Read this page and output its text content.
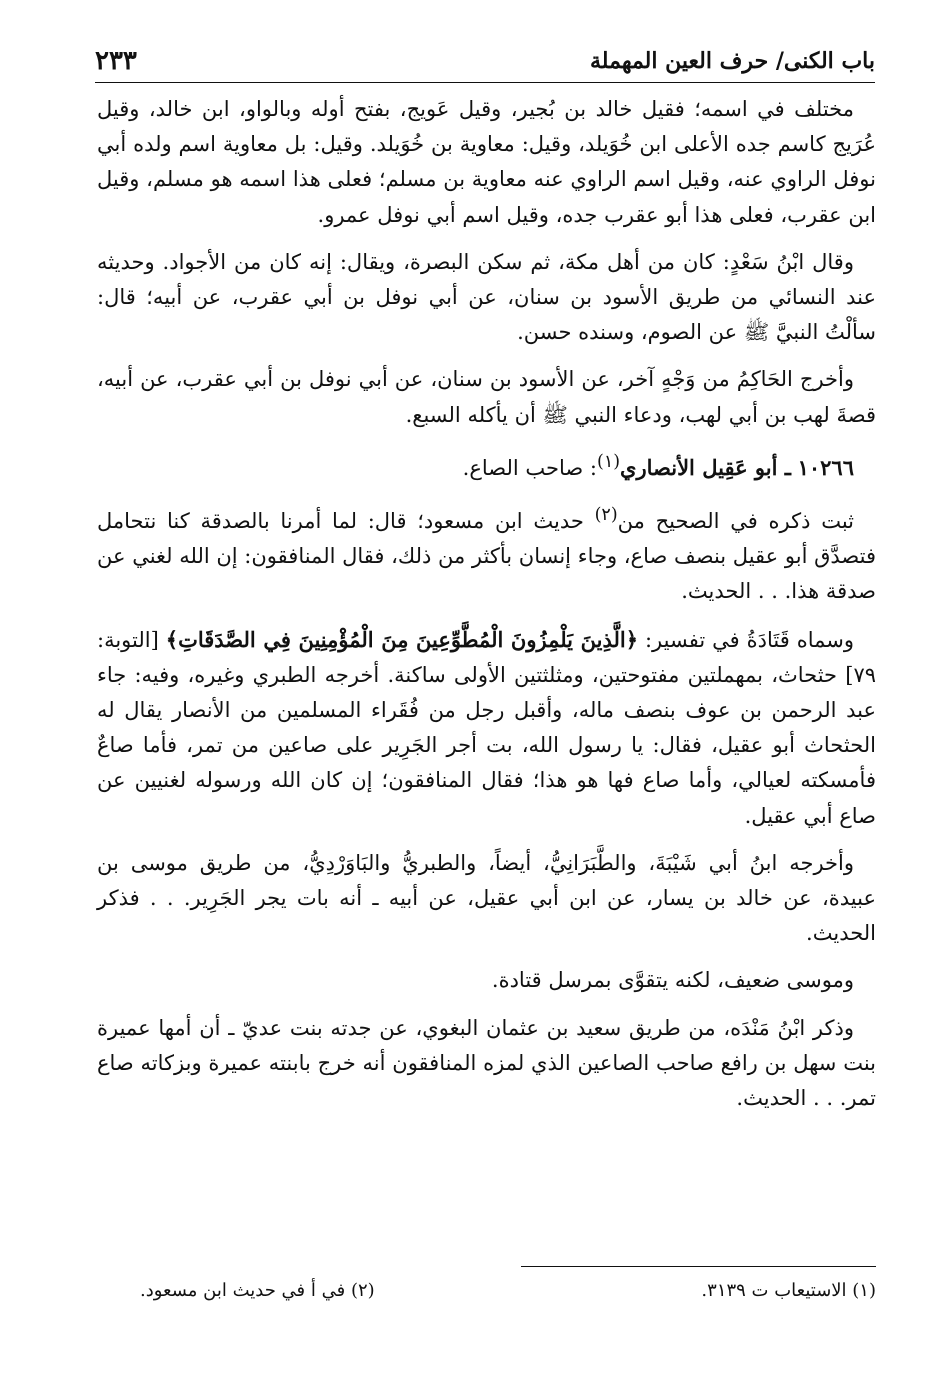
باب الكنى/ حرف العين المهملة
٢٣٣

مختلف في اسمه؛ فقيل خالد بن بُجير، وقيل عَويج، بفتح أوله وبالواو، ابن خالد، وقيل عُرَيج كاسم جده الأعلى ابن خُوَيلد، وقيل: معاوية بن خُوَيلد. وقيل: بل معاوية اسم ولده أبي نوفل الراوي عنه، وقيل اسم الراوي عنه معاوية بن مسلم؛ فعلى هذا اسمه هو مسلم، وقيل ابن عقرب، فعلى هذا أبو عقرب جده، وقيل اسم أبي نوفل عمرو.

وقال ابْنُ سَعْدٍ: كان من أهل مكة، ثم سكن البصرة، ويقال: إنه كان من الأجواد. وحديثه عند النسائي من طريق الأسود بن سنان، عن أبي نوفل بن أبي عقرب، عن أبيه؛ قال: سألْتُ النبيَّ ﷺ عن الصوم، وسنده حسن.

وأخرج الحَاكِمُ من وَجْهٍ آخر، عن الأسود بن سنان، عن أبي نوفل بن أبي عقرب، عن أبيه، قصةَ لهب بن أبي لهب، ودعاء النبي ﷺ أن يأكله السبع.

١٠٢٦٦ ـ أبو عَقِيل الأنصاري$^{(١)}$: صاحب الصاع.

ثبت ذكره في الصحيح من$^{(٢)}$ حديث ابن مسعود؛ قال: لما أمرنا بالصدقة كنا نتحامل فتصدَّق أبو عقيل بنصف صاع، وجاء إنسان بأكثر من ذلك، فقال المنافقون: إن الله لغني عن صدقة هذا. . . الحديث.

وسماه قَتَادَةُ في تفسير: ﴿الَّذِينَ يَلْمِزُونَ الْمُطَّوِّعِينَ مِنَ الْمُؤْمِنِينَ فِي الصَّدَقَاتِ﴾ [التوبة: ٧٩] حثحاث، بمهملتين مفتوحتين، ومثلثتين الأولى ساكنة. أخرجه الطبري وغيره، وفيه: جاء عبد الرحمن بن عوف بنصف ماله، وأقبل رجل من فُقَراء المسلمين من الأنصار يقال له الحثحاث أبو عقيل، فقال: يا رسول الله، بت أجر الجَرِير على صاعين من تمر، فأما صاعٌ فأمسكته لعيالي، وأما صاع فها هو هذا؛ فقال المنافقون؛ إن كان الله ورسوله لغنيين عن صاع أبي عقيل.

وأخرجه ابنُ أبي شَيْبَةَ، والطَّبَرَانِيُّ، أيضاً، والطبريُّ والبَاوَرْدِيُّ، من طريق موسى بن عبيدة، عن خالد بن يسار، عن ابن أبي عقيل، عن أبيه ـ أنه بات يجر الجَرِير. . . فذكر الحديث.

وموسى ضعيف، لكنه يتقوَّى بمرسل قتادة.

وذكر ابْنُ مَنْدَه، من طريق سعيد بن عثمان البغوي، عن جدته بنت عديّ ـ أن أمها عميرة بنت سهل بن رافع صاحب الصاعين الذي لمزه المنافقون أنه خرج بابنته عميرة وبزكاته صاع تمر. . . الحديث.

(١) الاستيعاب ت ٣١٣٩.
(٢) في أ في حديث ابن مسعود.
